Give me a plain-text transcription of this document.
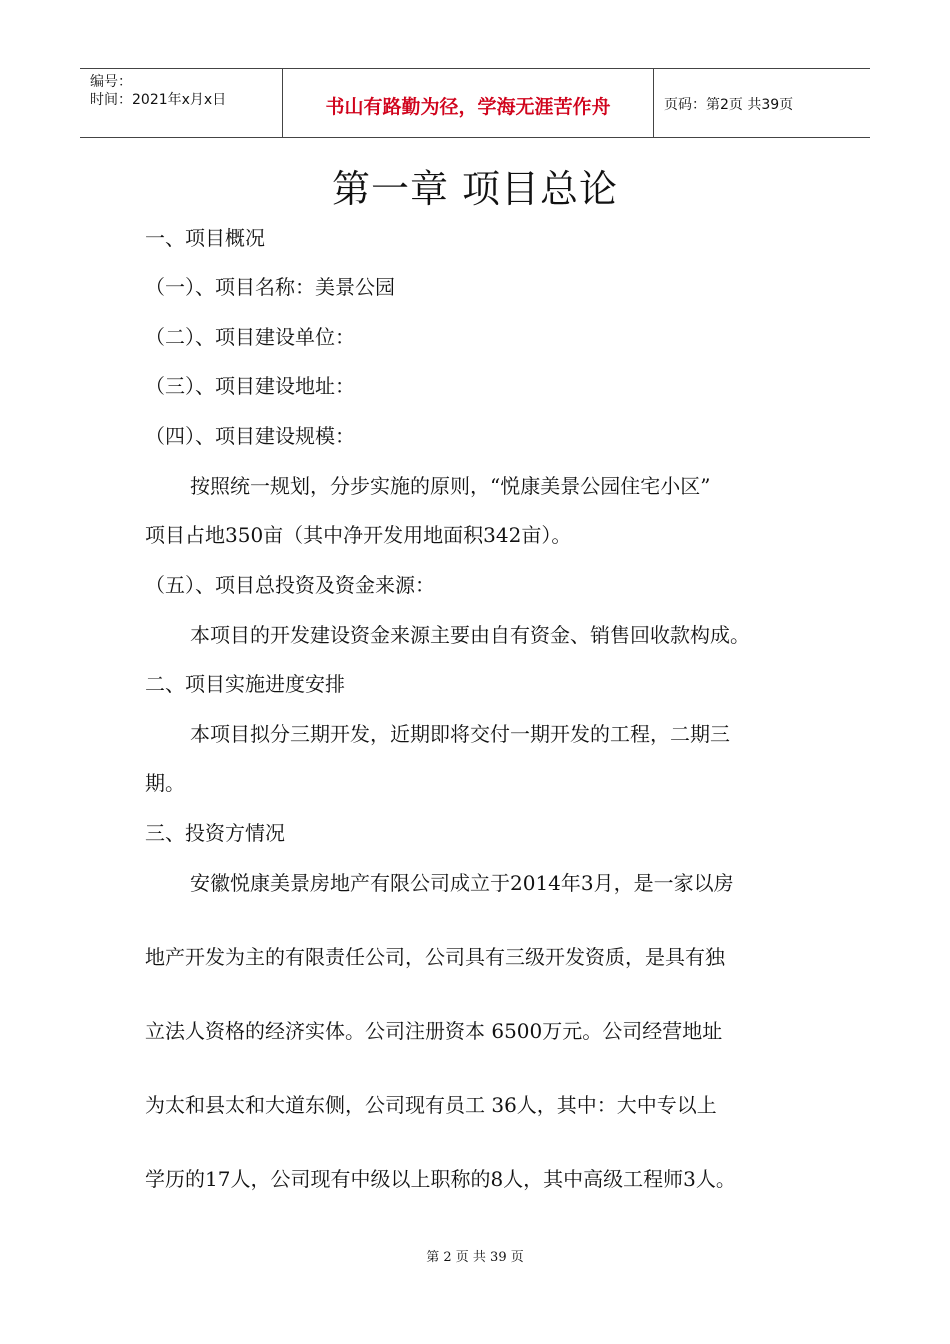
编号：
时间：2021年x月x日	书山有路勤为径，学海无涯苦作舟	页码：第2页 共39页
第一章 项目总论
一、项目概况
（一）、项目名称：美景公园
（二）、项目建设单位：
（三）、项目建设地址：
（四）、项目建设规模：
按照统一规划，分步实施的原则，“悦康美景公园住宅小区”
项目占地350亩（其中净开发用地面积342亩）。
（五）、项目总投资及资金来源：
本项目的开发建设资金来源主要由自有资金、销售回收款构成。
二、项目实施进度安排
本项目拟分三期开发，近期即将交付一期开发的工程，二期三
期。
三、投资方情况
安徽悦康美景房地产有限公司成立于2014年3月，是一家以房
地产开发为主的有限责任公司，公司具有三级开发资质，是具有独
立法人资格的经济实体。公司注册资本 6500万元。公司经营地址
为太和县太和大道东侧，公司现有员工 36人，其中：大中专以上
学历的17人，公司现有中级以上职称的8人，其中高级工程师3人。
第 2 页 共 39 页
